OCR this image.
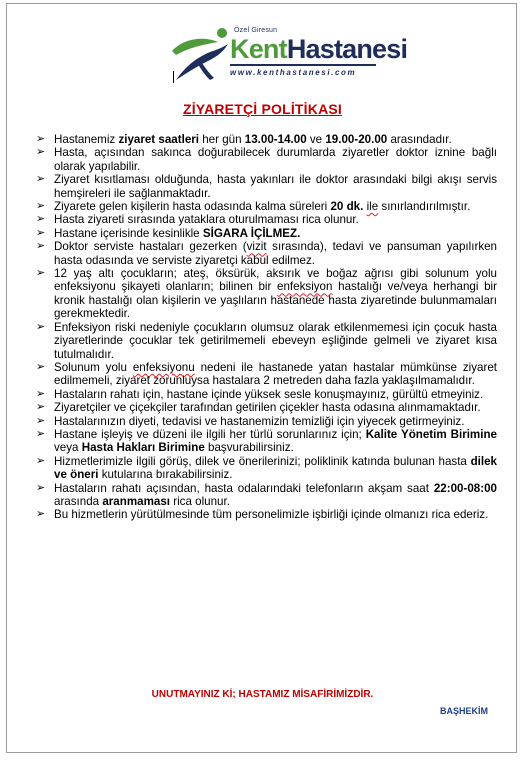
Özel Giresun
KentHastanesi
www.kenthastanesi.com
ZİYARETÇİ POLİTİKASI
➢ Hastanemiz ziyaret saatleri her gün 13.00-14.00 ve 19.00-20.00 arasındadır.
➢ Hasta, açısından sakınca doğurabilecek durumlarda ziyaretler doktor iznine bağlı olarak yapılabilir.
➢ Ziyaret kısıtlaması olduğunda, hasta yakınları ile doktor arasındaki bilgi akışı servis hemşireleri ile sağlanmaktadır.
➢ Ziyarete gelen kişilerin hasta odasında kalma süreleri 20 dk. ile sınırlandırılmıştır.
➢ Hasta ziyareti sırasında yataklara oturulmaması rica olunur.
➢ Hastane içerisinde kesinlikle SİGARA İÇİLMEZ.
➢ Doktor serviste hastaları gezerken (vizit sırasında), tedavi ve pansuman yapılırken hasta odasında ve serviste ziyaretçi kabul edilmez.
➢ 12 yaş altı çocukların; ateş, öksürük, aksırık ve boğaz ağrısı gibi solunum yolu enfeksiyonu şikayeti olanların; bilinen bir enfeksiyon hastalığı ve/veya herhangi bir kronik hastalığı olan kişilerin ve yaşlıların hastanede hasta ziyaretinde bulunmamaları gerekmektedir.
➢ Enfeksiyon riski nedeniyle çocukların olumsuz olarak etkilenmemesi için çocuk hasta ziyaretlerinde çocuklar tek getirilmemeli ebeveyn eşliğinde gelmeli ve ziyaret kısa tutulmalıdır.
➢ Solunum yolu enfeksiyonu nedeni ile hastanede yatan hastalar mümkünse ziyaret edilmemeli, ziyaret zorunluysa hastalara 2 metreden daha fazla yaklaşılmamalıdır.
➢ Hastaların rahatı için, hastane içinde yüksek sesle konuşmayınız, gürültü etmeyiniz.
➢ Ziyaretçiler ve çiçekçiler tarafından getirilen çiçekler hasta odasına alınmamaktadır.
➢ Hastalarınızın diyeti, tedavisi ve hastanemizin temizliği için yiyecek getirmeyiniz.
➢ Hastane işleyiş ve düzeni ile ilgili her türlü sorunlarınız için; Kalite Yönetim Birimine veya Hasta Hakları Birimine başvurabilirsiniz.
➢ Hizmetlerimizle ilgili görüş, dilek ve önerilerinizi; poliklinik katında bulunan hasta dilek ve öneri kutularına bırakabilirsiniz.
➢ Hastaların rahatı açısından, hasta odalarındaki telefonların akşam saat 22:00-08:00 arasında aranmaması rica olunur.
➢ Bu hizmetlerin yürütülmesinde tüm personelimizle işbirliği içinde olmanızı rica ederiz.
UNUTMAYINIZ Kİ; HASTAMIZ MİSAFİRİMİZDİR.
BAŞHEKİM
